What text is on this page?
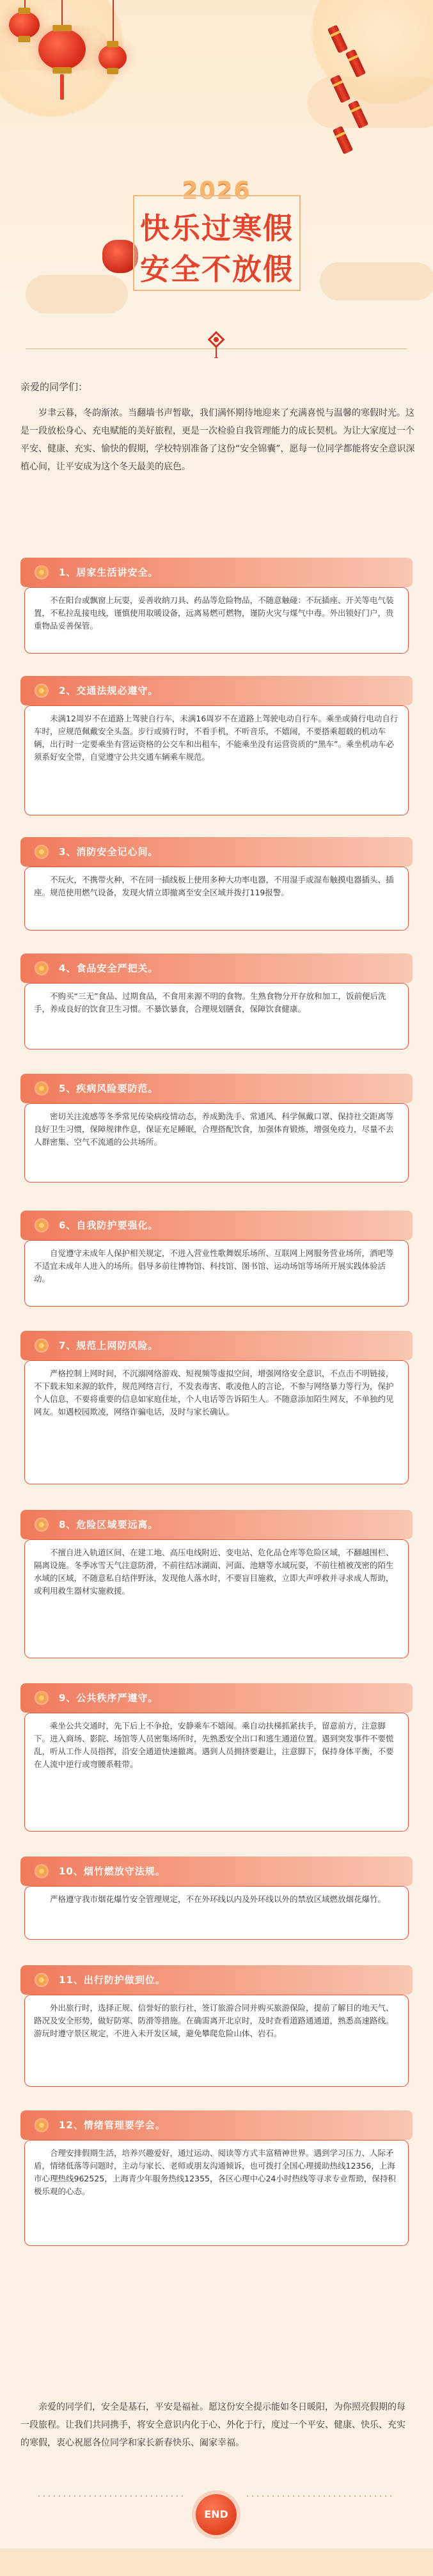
2026
快乐过寒假
安全不放假
亲爱的同学们：

岁聿云暮，冬韵渐浓。当翻墙书声暂歇，我们满怀期待地迎来了充满喜悦与温馨的寒假时光。这是一段放松身心、充电赋能的美好旅程，更是一次检验自我管理能力的成长契机。为让大家度过一个平安、健康、充实、愉快的假期，学校特别准备了这份“安全锦囊”，愿每一位同学都能将安全意识深植心间，让平安成为这个冬天最美的底色。

1、居家生活讲安全。

不在阳台或飘窗上玩耍，妥善收纳刀具、药品等危险物品，不随意触碰：不玩插座、开关等电气装置，不私拉乱接电线，谨慎使用取暖设备，远离易燃可燃物，谨防火灾与煤气中毒。外出锁好门户，贵重物品妥善保管。

2、交通法规必遵守。

未满12周岁不在道路上驾驶自行车，未满16周岁不在道路上驾驶电动自行车。乘坐或骑行电动自行车时，应规范佩戴安全头盔。步行或骑行时，不看手机，不听音乐，不嬉闹，不要搭乘超载的机动车辆，出行时一定要乘坐有营运资格的公交车和出租车，不能乘坐没有运营资质的“黑车”。乘坐机动车必须系好安全带，自觉遵守公共交通车辆乘车规范。

3、消防安全记心间。

不玩火，不携带火种，不在同一插线板上使用多种大功率电器，不用湿手或湿布触摸电器插头、插座。规范使用燃气设备，发现火情立即撤离至安全区域并拨打119报警。

4、食品安全严把关。

不购买“三无”食品、过期食品，不食用来源不明的食物。生熟食物分开存放和加工，饭前便后洗手，养成良好的饮食卫生习惯。不暴饮暴食，合理规划膳食，保障饮食健康。

5、疾病风险要防范。

密切关注流感等冬季常见传染病疫情动态，养成勤洗手、常通风、科学佩戴口罩、保持社交距离等良好卫生习惯，保障规律作息，保证充足睡眠，合理搭配饮食，加强体育锻炼，增强免疫力，尽量不去人群密集、空气不流通的公共场所。

6、自我防护要强化。

自觉遵守未成年人保护相关规定，不进入营业性歌舞娱乐场所、互联网上网服务营业场所，酒吧等不适宜未成年人进入的场所。倡导多前往博物馆、科技馆、图书馆、运动场馆等场所开展实践体验活动。

7、规范上网防风险。

严格控制上网时间，不沉溺网络游戏、短视频等虚拟空间，增强网络安全意识，不点击不明链接，不下载未知来源的软件，规范网络言行，不发表毒害、歌凌他人的言论，不参与网络暴力等行为，保护个人信息，不要将重要的信息如家庭住址，个人电话等告诉陌生人。不随意添加陌生网友，不单独约见网友。如遇校园欺凌，网络诈骗电话，及时与家长确认。

8、危险区域要远离。

不擅自进入轨道区间、在建工地、高压电线附近、变电站、危化品仓库等危险区域，不翻越围栏、隔离设施。冬季冰雪天气注意防滑，不前往结冰湖面、河面、池塘等水域玩耍，不前往植被茂密的陌生水域的区域，不随意私自结伴野泳，发现他人落水时，不要盲目施救，立即大声呼救并寻求成人帮助，或利用救生器材实施救援。

9、公共秩序严遵守。

乘坐公共交通时，先下后上不争抢，安静乘车不嬉闹。乘自动扶梯抓紧扶手，留意前方，注意脚下。进入商场、影院、场馆等人员密集场所时，先熟悉安全出口和逃生通道位置。遇到突发事件不要慌乱，听从工作人员指挥，沿安全通道快速撤离。遇到人员拥挤要避让，注意脚下，保持身体平衡，不要在人流中逆行或弯腰系鞋带。

10、烟竹燃放守法规。

严格遵守我市烟花爆竹安全管理规定，不在外环线以内及外环线以外的禁放区域燃放烟花爆竹。

11、出行防护做到位。

外出旅行时，选择正规、信誉好的旅行社，签订旅游合同并购买旅游保险，提前了解目的地天气、路况及安全形势，做好防寒、防滑等措施。在确需离开北京时，及时查看道路通通道，熟悉高速路线。游玩时遵守景区规定，不进入未开发区域，避免攀爬危险山体、岩石。

12、情绪管理要学会。

合理安排假期生活，培养兴趣爱好，通过运动、阅读等方式丰富精神世界。遇到学习压力、人际矛盾，情绪低落等问题时，主动与家长、老师或朋友沟通倾诉，也可拨打全国心理援助热线12356，上海市心理热线962525，上海青少年服务热线12355，各区心理中心24小时热线等寻求专业帮助，保持积极乐观的心态。

亲爱的同学们，安全是基石，平安是福祉。愿这份安全提示能如冬日暖阳，为你照亮假期的每一段旅程。让我们共同携手，将安全意识内化于心、外化于行，度过一个平安、健康、快乐、充实的寒假，衷心祝愿各位同学和家长新春快乐、阖家幸福。

END
